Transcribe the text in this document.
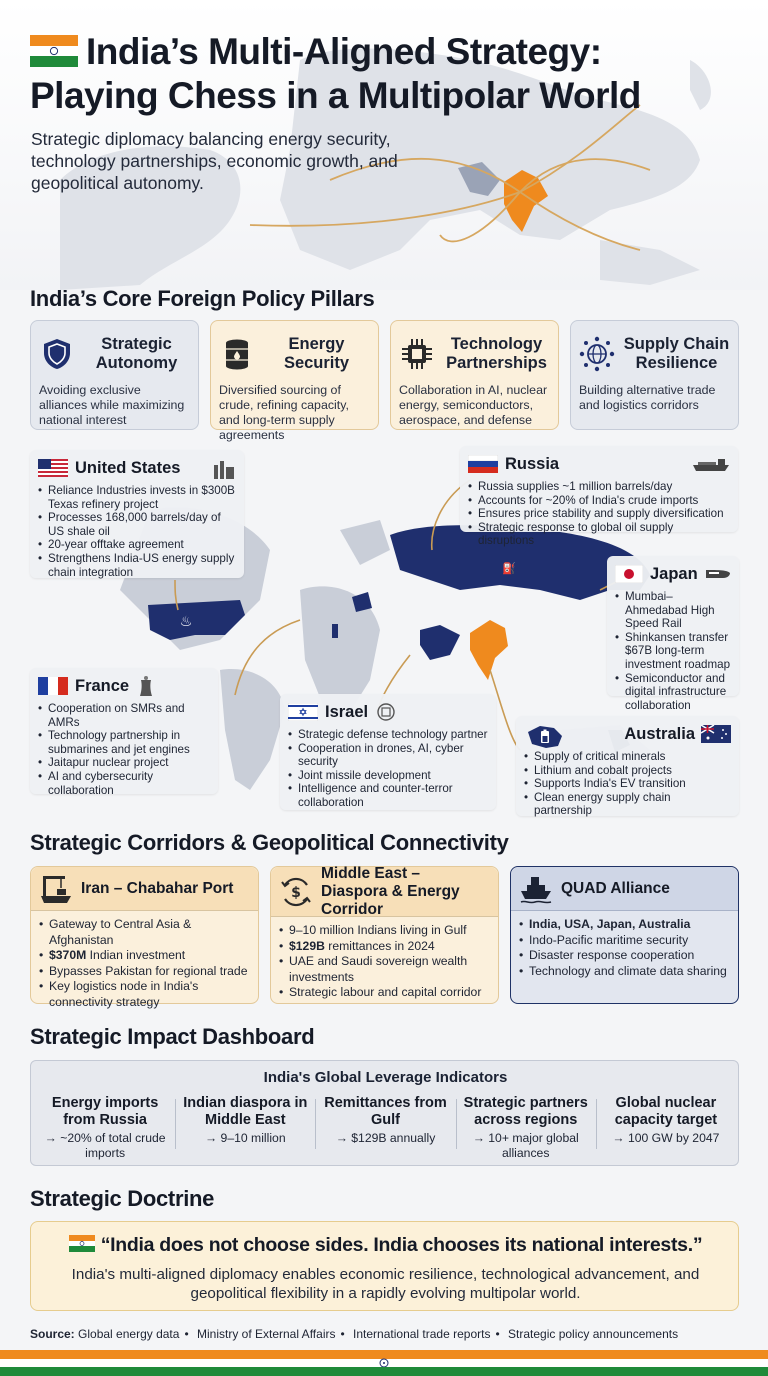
India’s Multi-Aligned Strategy:
Playing Chess in a Multipolar World
Strategic diplomacy balancing energy security, technology partnerships, economic growth, and geopolitical autonomy.
India’s Core Foreign Policy Pillars
Strategic Autonomy
Avoiding exclusive alliances while maximizing national interest
Energy Security
Diversified sourcing of crude, refining capacity, and long-term supply agreements
Technology Partnerships
Collaboration in AI, nuclear energy, semiconductors, aerospace, and defense
Supply Chain Resilience
Building alternative trade and logistics corridors
⛽
♨
United States
• Reliance Industries invests in $300B Texas refinery project
• Processes 168,000 barrels/day of US shale oil
• 20-year offtake agreement
• Strengthens India-US energy supply chain integration
Russia
• Russia supplies ~1 million barrels/day
• Accounts for ~20% of India's crude imports
• Ensures price stability and supply diversification
• Strategic response to global oil supply disruptions
Japan
• Mumbai–Ahmedabad High Speed Rail
• Shinkansen transfer $67B long-term investment roadmap
• Semiconductor and digital infrastructure collaboration
France
• Cooperation on SMRs and AMRs
• Technology partnership in submarines and jet engines
• Jaitapur nuclear project
• AI and cybersecurity collaboration
Israel
• Strategic defense technology partner
• Cooperation in drones, AI, cyber security
• Joint missile development
• Intelligence and counter-terror collaboration
Australia
• Supply of critical minerals
• Lithium and cobalt projects
• Supports India's EV transition
• Clean energy supply chain partnership
Strategic Corridors & Geopolitical Connectivity
Iran – Chabahar Port
• Gateway to Central Asia & Afghanistan
• $370M Indian investment
• Bypasses Pakistan for regional trade
• Key logistics node in India's connectivity strategy
$
Middle East – Diaspora & Energy Corridor
• 9–10 million Indians living in Gulf
• $129B remittances in 2024
• UAE and Saudi sovereign wealth investments
• Strategic labour and capital corridor
QUAD Alliance
• India, USA, Japan, Australia
• Indo-Pacific maritime security
• Disaster response cooperation
• Technology and climate data sharing
Strategic Impact Dashboard
India's Global Leverage Indicators
Energy imports from Russia
→ ~20% of total crude imports
Indian diaspora in Middle East
→ 9–10 million
Remittances from Gulf
→ $129B annually
Strategic partners across regions
→ 10+ major global alliances
Global nuclear capacity target
→ 100 GW by 2047
Strategic Doctrine
“India does not choose sides. India chooses its national interests.”
India's multi-aligned diplomacy enables economic resilience, technological advancement, and geopolitical flexibility in a rapidly evolving multipolar world.
Source: Global energy data • Ministry of External Affairs • International trade reports • Strategic policy announcements
